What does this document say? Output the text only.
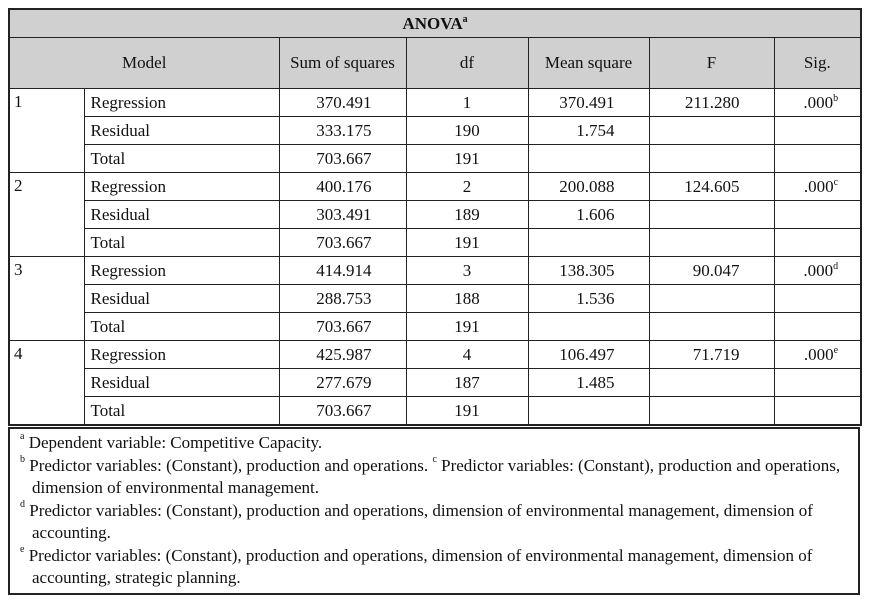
ANOVA$^a$
Model		Sum of squares	df	Mean square	F	Sig.
1	Regression	370.491	1	370.491	211.280	.000$^b$
	Residual	333.175	190	1.754		
	Total	703.667	191			
2	Regression	400.176	2	200.088	124.605	.000$^c$
	Residual	303.491	189	1.606		
	Total	703.667	191			
3	Regression	414.914	3	138.305	90.047	.000$^d$
	Residual	288.753	188	1.536		
	Total	703.667	191			
4	Regression	425.987	4	106.497	71.719	.000e
	Residual	277.679	187	1.485		
	Total	703.667	191			
$^a$ Dependent variable: Competitive Capacity.
$^b$ Predictor variables: (Constant), production and operations. $^c$ Predictor variables: (Constant), production and operations, dimension of environmental management.
$^d$ Predictor variables: (Constant), production and operations, dimension of environmental management, dimension of accounting.
$^e$ Predictor variables: (Constant), production and operations, dimension of environmental management, dimension of accounting, strategic planning.
